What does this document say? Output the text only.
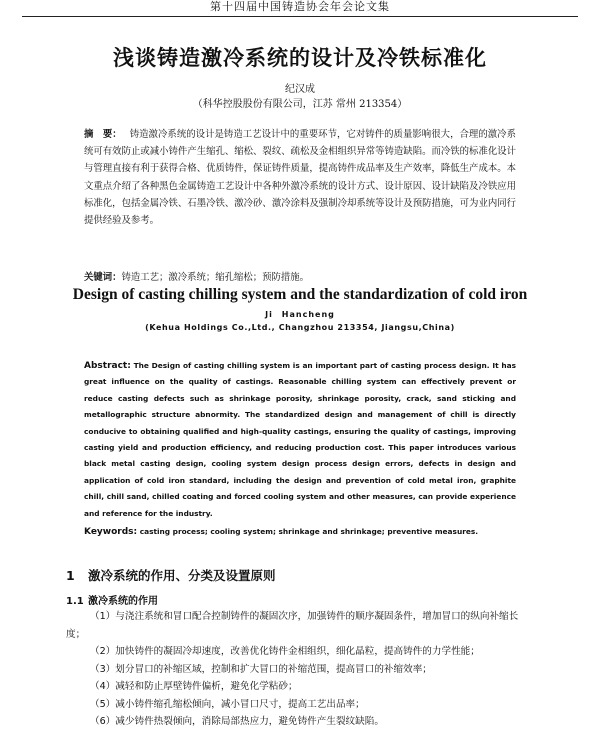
第十四届中国铸造协会年会论文集
浅谈铸造激冷系统的设计及冷铁标准化
纪汉成
（科华控股股份有限公司，江苏 常州 213354）
摘　要： 铸造激冷系统的设计是铸造工艺设计中的重要环节，它对铸件的质量影响很大，合理的激冷系统可有效防止或减小铸件产生缩孔、缩松、裂纹、疏松及金相组织异常等铸造缺陷。而冷铁的标准化设计与管理直接有利于获得合格、优质铸件，保证铸件质量，提高铸件成品率及生产效率，降低生产成本。本文重点介绍了各种黑色金属铸造工艺设计中各种外激冷系统的设计方式、设计原因、设计缺陷及冷铁应用标准化，包括金属冷铁、石墨冷铁、激冷砂、激冷涂料及强制冷却系统等设计及预防措施，可为业内同行提供经验及参考。
关键词：铸造工艺；激冷系统；缩孔缩松；预防措施。
Design of casting chilling system and the standardization of cold iron
Ji　Hancheng
(Kehua Holdings Co.,Ltd., Changzhou 213354, Jiangsu,China)
Abstract: The Design of casting chilling system is an important part of casting process design. It has great influence on the quality of castings. Reasonable chilling system can effectively prevent or reduce casting defects such as shrinkage porosity, shrinkage porosity, crack, sand sticking and metallographic structure abnormity. The standardized design and management of chill is directly conducive to obtaining qualified and high-quality castings, ensuring the quality of castings, improving casting yield and production efficiency, and reducing production cost. This paper introduces various black metal casting design, cooling system design process design errors, defects in design and application of cold iron standard, including the design and prevention of cold metal iron, graphite chill, chill sand, chilled coating and forced cooling system and other measures, can provide experience and reference for the industry.
Keywords: casting process; cooling system; shrinkage and shrinkage; preventive measures.
1 激冷系统的作用、分类及设置原则
1.1 激冷系统的作用

（1）与浇注系统和冒口配合控制铸件的凝固次序，加强铸件的顺序凝固条件，增加冒口的纵向补缩长度；

（2）加快铸件的凝固冷却速度，改善优化铸件金相组织，细化晶粒，提高铸件的力学性能；

（3）划分冒口的补缩区域，控制和扩大冒口的补缩范围，提高冒口的补缩效率；

（4）减轻和防止厚壁铸件偏析，避免化学粘砂；

（5）减小铸件缩孔缩松倾向，减小冒口尺寸，提高工艺出品率；

（6）减少铸件热裂倾向，消除局部热应力，避免铸件产生裂纹缺陷。
